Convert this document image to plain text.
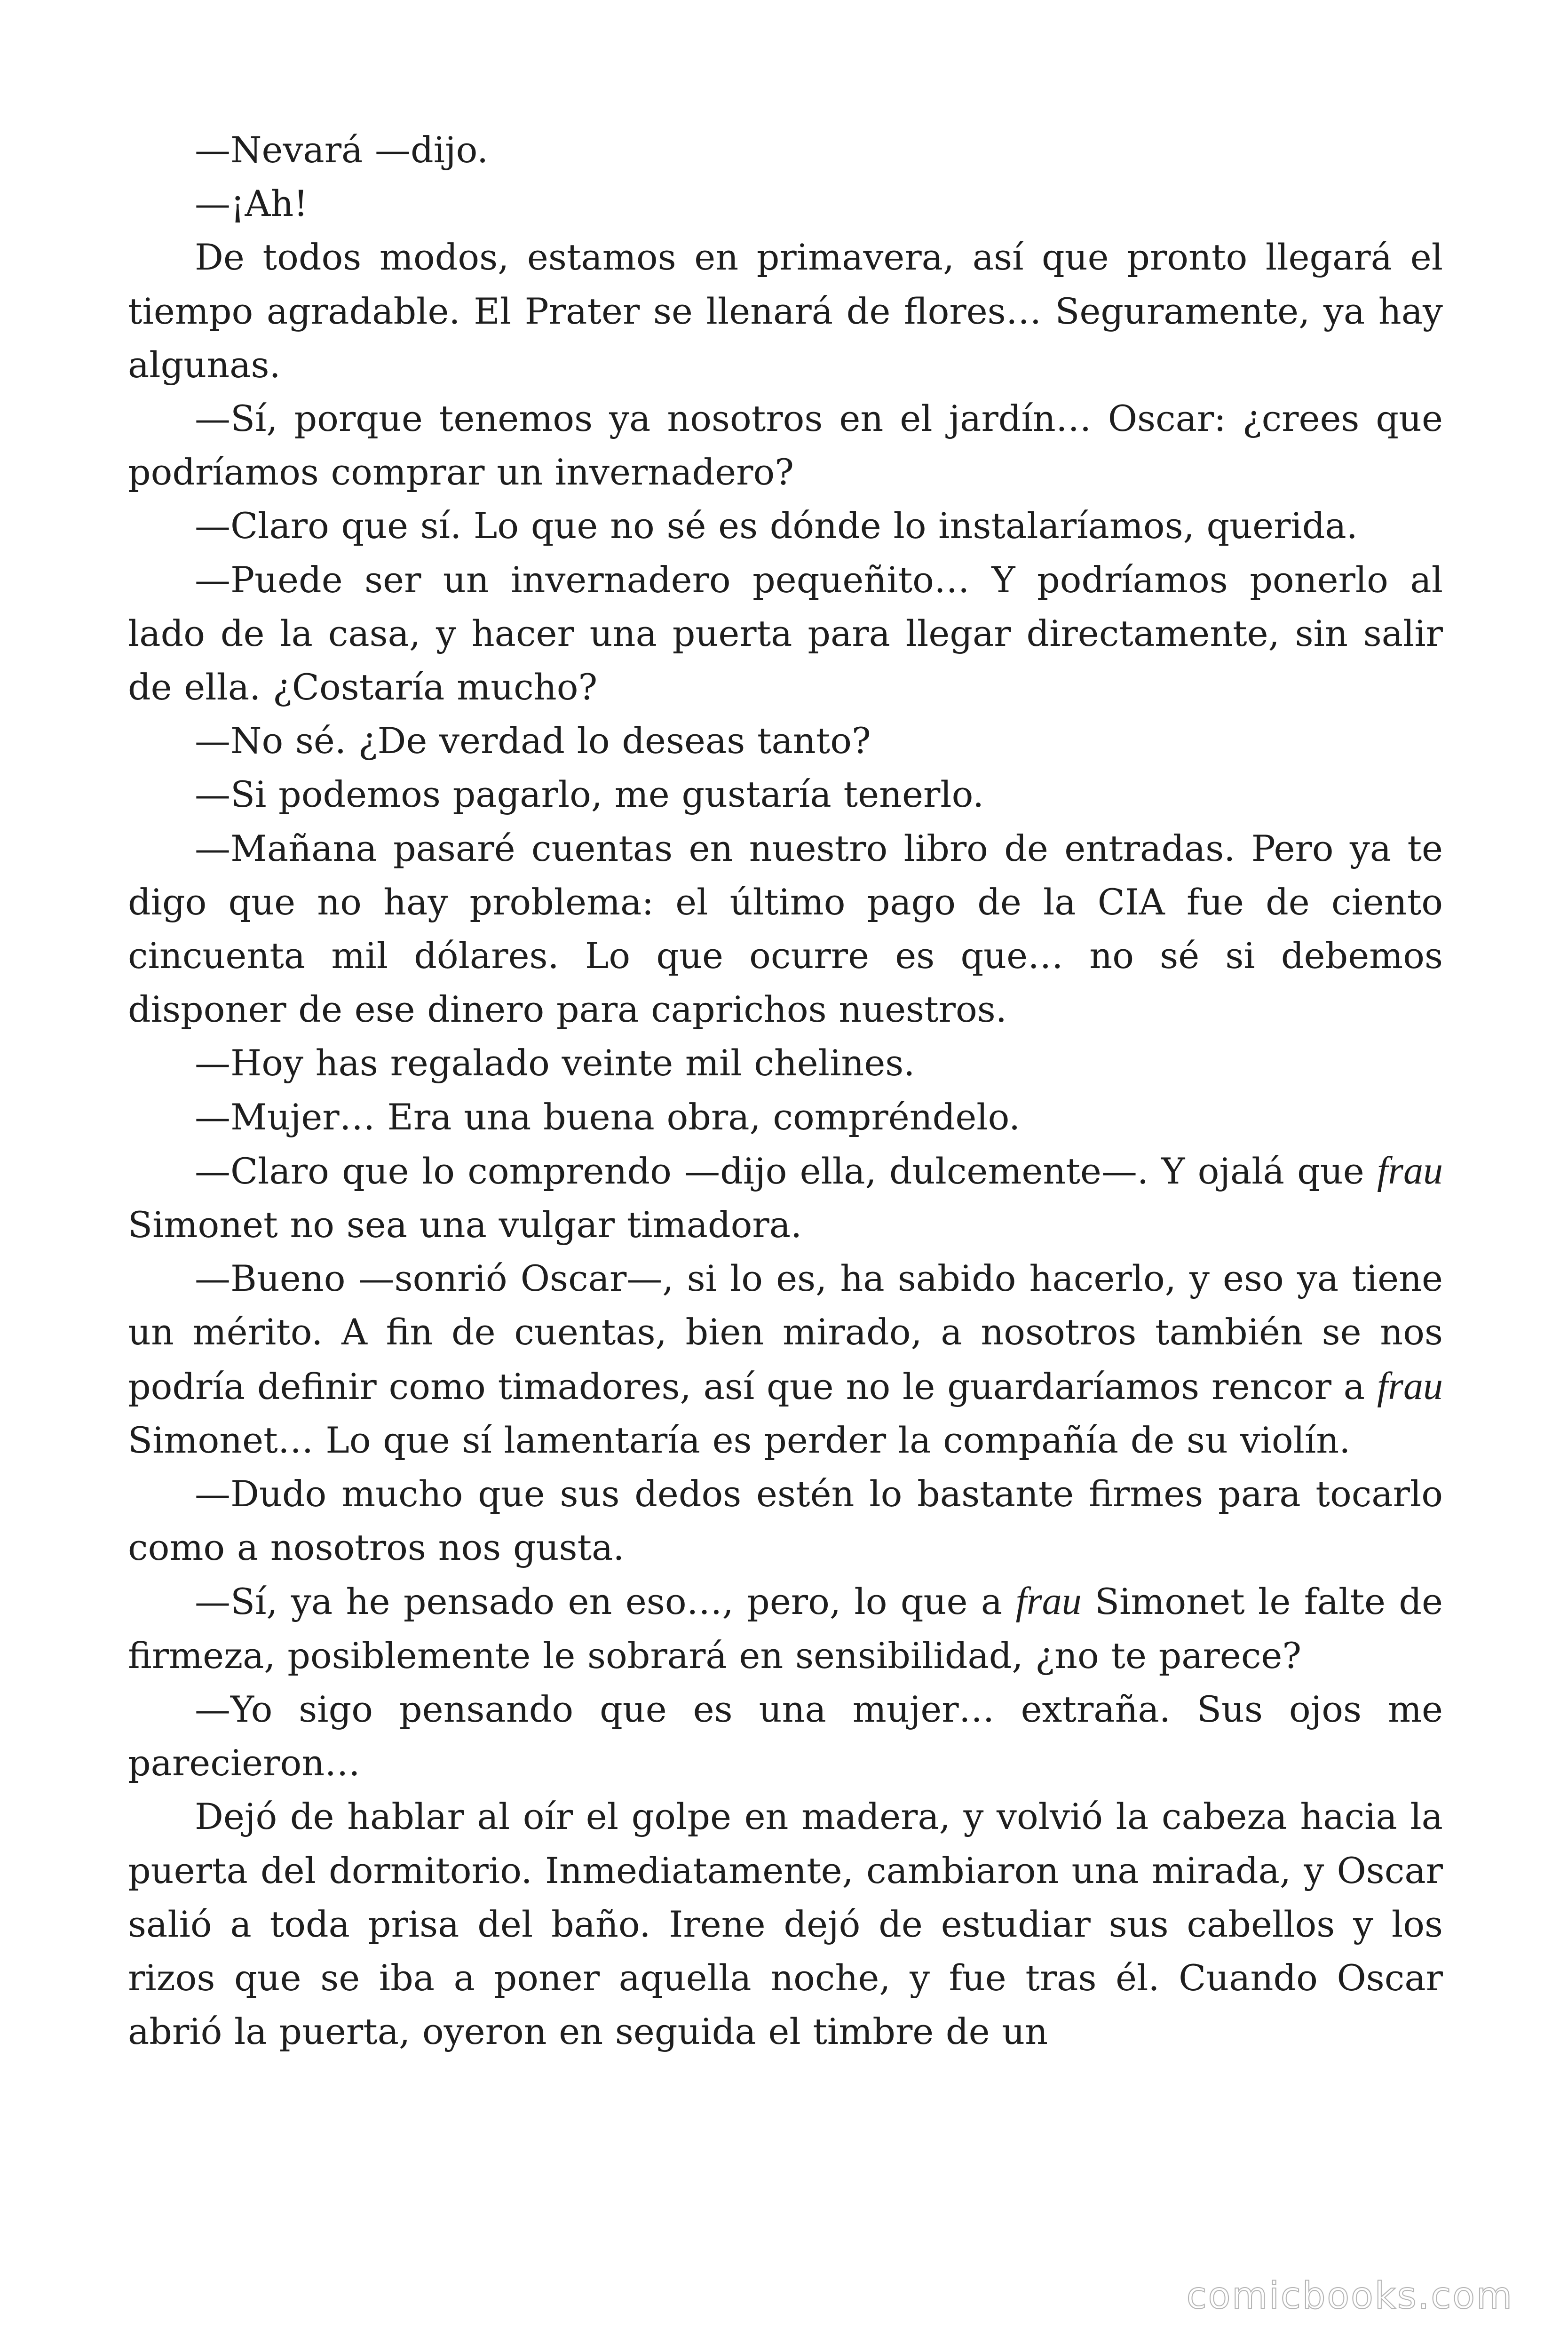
—Nevará —dijo.

—¡Ah!

De todos modos, estamos en primavera, así que pronto llegará el tiempo agradable. El Prater se llenará de flores… Seguramente, ya hay algunas.

—Sí, porque tenemos ya nosotros en el jardín… Oscar: ¿crees que podríamos comprar un invernadero?

—Claro que sí. Lo que no sé es dónde lo instalaríamos, querida.

—Puede ser un invernadero pequeñito… Y podríamos ponerlo al lado de la casa, y hacer una puerta para llegar directamente, sin salir de ella. ¿Costaría mucho?

—No sé. ¿De verdad lo deseas tanto?

—Si podemos pagarlo, me gustaría tenerlo.

—Mañana pasaré cuentas en nuestro libro de entradas. Pero ya te digo que no hay problema: el último pago de la CIA fue de ciento cincuenta mil dólares. Lo que ocurre es que… no sé si debemos disponer de ese dinero para caprichos nuestros.

—Hoy has regalado veinte mil chelines.

—Mujer… Era una buena obra, compréndelo.

—Claro que lo comprendo —dijo ella, dulcemente—. Y ojalá que frau Simonet no sea una vulgar timadora.

—Bueno —sonrió Oscar—, si lo es, ha sabido hacerlo, y eso ya tiene un mérito. A fin de cuentas, bien mirado, a nosotros también se nos podría definir como timadores, así que no le guardaríamos rencor a frau Simonet… Lo que sí lamentaría es perder la compañía de su violín.

—Dudo mucho que sus dedos estén lo bastante firmes para tocarlo como a nosotros nos gusta.

—Sí, ya he pensado en eso…, pero, lo que a frau Simonet le falte de firmeza, posiblemente le sobrará en sensibilidad, ¿no te parece?

—Yo sigo pensando que es una mujer… extraña. Sus ojos me parecieron…

Dejó de hablar al oír el golpe en madera, y volvió la cabeza hacia la puerta del dormitorio. Inmediatamente, cambiaron una mirada, y Oscar salió a toda prisa del baño. Irene dejó de estudiar sus cabellos y los rizos que se iba a poner aquella noche, y fue tras él. Cuando Oscar abrió la puerta, oyeron en seguida el timbre de un

comicbooks.com
